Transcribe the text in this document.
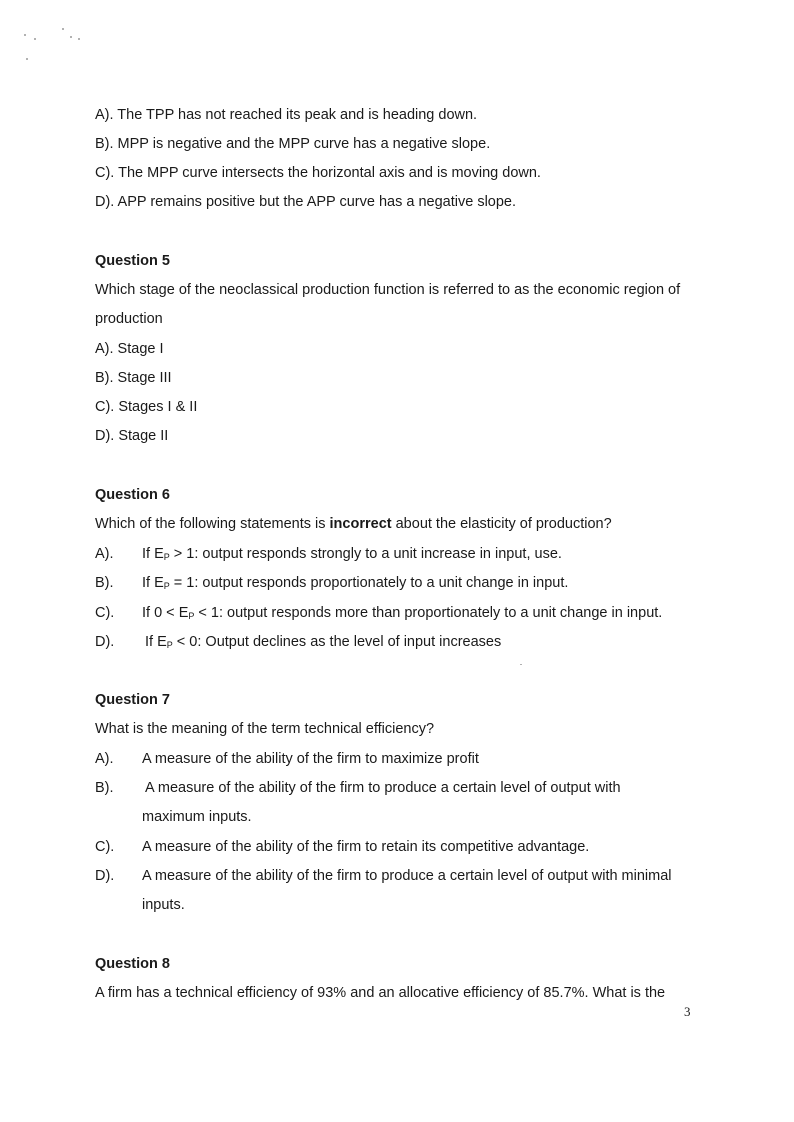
A). The TPP has not reached its peak and is heading down.
B). MPP is negative and the MPP curve has a negative slope.
C). The MPP curve intersects the horizontal axis and is moving down.
D). APP remains positive but the APP curve has a negative slope.
Question 5
Which stage of the neoclassical production function is referred to as the economic region of
production
A). Stage I
B). Stage III
C). Stages I & II
D). Stage II
Question 6
Which of the following statements is incorrect about the elasticity of production?
A). If $E_P > 1$: output responds strongly to a unit increase in input, use.
B). If $E_P = 1$: output responds proportionately to a unit change in input.
C). If $0 < E_P < 1$: output responds more than proportionately to a unit change in input.
D). If $E_P < 0$: Output declines as the level of input increases
Question 7
What is the meaning of the term technical efficiency?
A). A measure of the ability of the firm to maximize profit
B). A measure of the ability of the firm to produce a certain level of output with
maximum inputs.
C). A measure of the ability of the firm to retain its competitive advantage.
D). A measure of the ability of the firm to produce a certain level of output with minimal
inputs.
Question 8
A firm has a technical efficiency of 93% and an allocative efficiency of 85.7%. What is the
3
